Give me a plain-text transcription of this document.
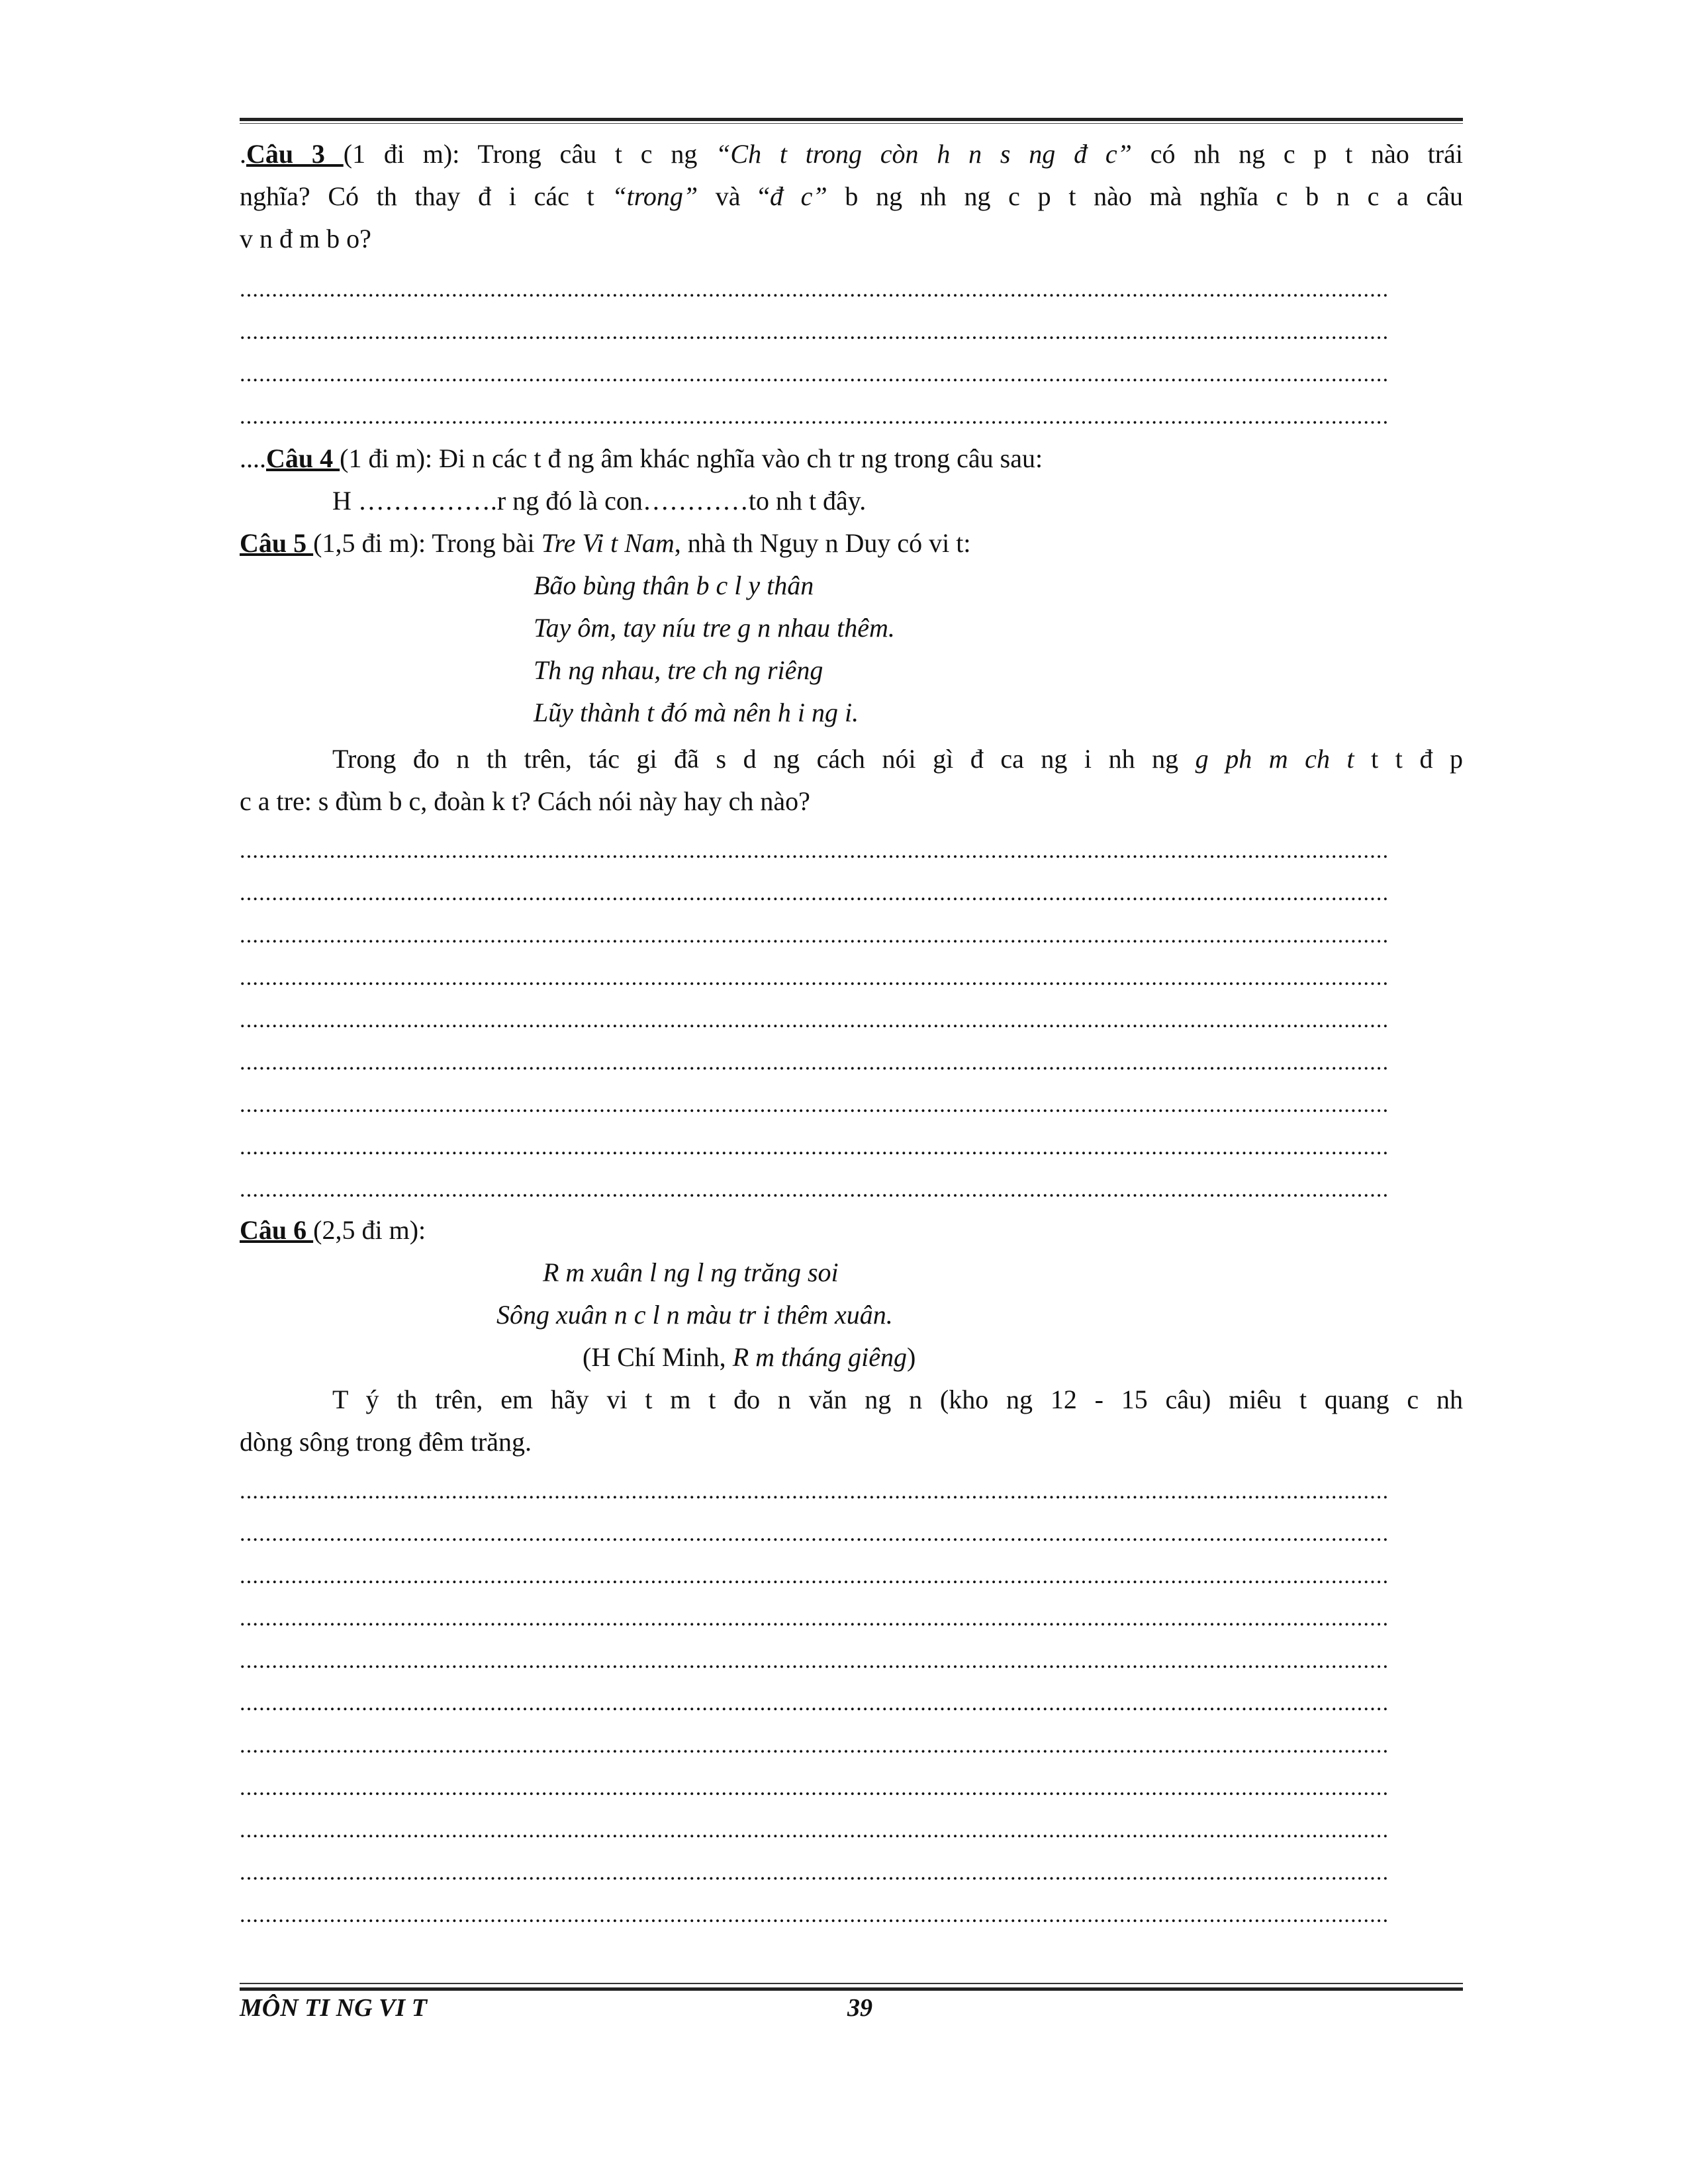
.Câu 3 (1 đi m): Trong câu t c ng “Ch t trong còn h n s ng đ c” có nh ng c p t nào trái
nghĩa? Có th thay đ i các t “trong” và “đ c” b ng nh ng c p t nào mà nghĩa c b n c a câu
v n đ m b o?
...................................................................................................................................................................................
...................................................................................................................................................................................
...................................................................................................................................................................................
...................................................................................................................................................................................
....Câu 4 (1 đi m): Đi n các t đ ng âm khác nghĩa vào ch tr ng trong câu sau:
H …………….r ng đó là con…………to nh t đây.
Câu 5 (1,5 đi m): Trong bài Tre Vi t Nam, nhà th Nguy n Duy có vi t:
Bão bùng thân b c l y thân
Tay ôm, tay níu tre g n nhau thêm.
Th ng nhau, tre ch ng riêng
Lũy thành t đó mà nên h i ng i.
Trong đo n th trên, tác gi đã s d ng cách nói gì đ ca ng i nh ng g ph m ch t t t đ p
c a tre: s đùm b c, đoàn k t? Cách nói này hay ch nào?
...................................................................................................................................................................................
...................................................................................................................................................................................
...................................................................................................................................................................................
...................................................................................................................................................................................
...................................................................................................................................................................................
...................................................................................................................................................................................
...................................................................................................................................................................................
...................................................................................................................................................................................
...................................................................................................................................................................................
Câu 6 (2,5 đi m):
R m xuân l ng l ng trăng soi
Sông xuân n c l n màu tr i thêm xuân.
(H Chí Minh, R m tháng giêng)
T ý th trên, em hãy vi t m t đo n văn ng n (kho ng 12 - 15 câu) miêu t quang c nh
dòng sông trong đêm trăng.
...................................................................................................................................................................................
...................................................................................................................................................................................
...................................................................................................................................................................................
...................................................................................................................................................................................
...................................................................................................................................................................................
...................................................................................................................................................................................
...................................................................................................................................................................................
...................................................................................................................................................................................
...................................................................................................................................................................................
...................................................................................................................................................................................
...................................................................................................................................................................................
MÔN TI NG VI T	39
